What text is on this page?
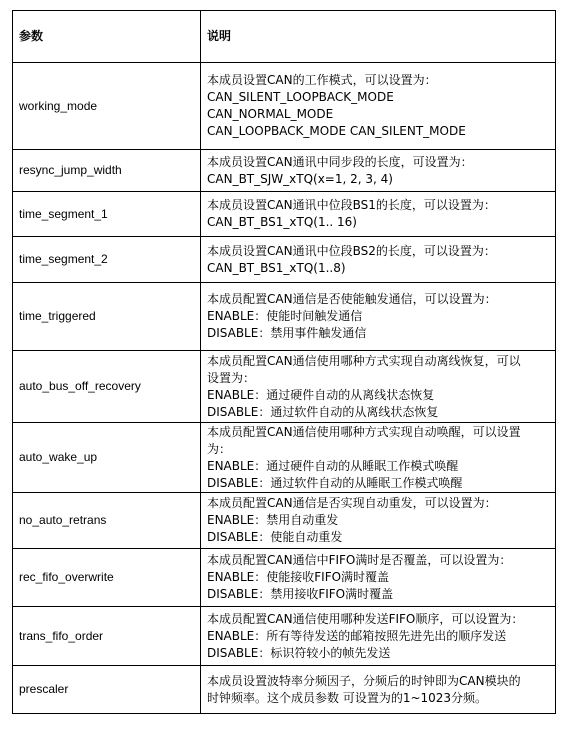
参数	说明
working_mode	本成员设置CAN的工作模式，可以设置为：
CAN_SILENT_LOOPBACK_MODE
CAN_NORMAL_MODE
CAN_LOOPBACK_MODE CAN_SILENT_MODE

resync_jump_width	本成员设置CAN通讯中同步段的长度，可设置为：
CAN_BT_SJW_xTQ(x=1, 2, 3, 4)

time_segment_1	本成员设置CAN通讯中位段BS1的长度，可以设置为：
CAN_BT_BS1_xTQ(1.. 16)

time_segment_2	本成员设置CAN通讯中位段BS2的长度，可以设置为：
CAN_BT_BS1_xTQ(1..8)

time_triggered	本成员配置CAN通信是否使能触发通信，可以设置为：
ENABLE：使能时间触发通信
DISABLE：禁用事件触发通信

auto_bus_off_recovery	本成员配置CAN通信使用哪种方式实现自动离线恢复，可以
设置为：
ENABLE：通过硬件自动的从离线状态恢复
DISABLE：通过软件自动的从离线状态恢复

auto_wake_up	本成员配置CAN通信使用哪种方式实现自动唤醒，可以设置
为：
ENABLE：通过硬件自动的从睡眠工作模式唤醒
DISABLE：通过软件自动的从睡眠工作模式唤醒

no_auto_retrans	本成员配置CAN通信是否实现自动重发，可以设置为：
ENABLE：禁用自动重发
DISABLE：使能自动重发

rec_fifo_overwrite	本成员配置CAN通信中FIFO满时是否覆盖，可以设置为：
ENABLE：使能接收FIFO满时覆盖
DISABLE：禁用接收FIFO满时覆盖

trans_fifo_order	本成员配置CAN通信使用哪种发送FIFO顺序，可以设置为：
ENABLE：所有等待发送的邮箱按照先进先出的顺序发送
DISABLE：标识符较小的帧先发送

prescaler	本成员设置波特率分频因子，分频后的时钟即为CAN模块的
时钟频率。这个成员参数 可设置为的1~1023分频。
